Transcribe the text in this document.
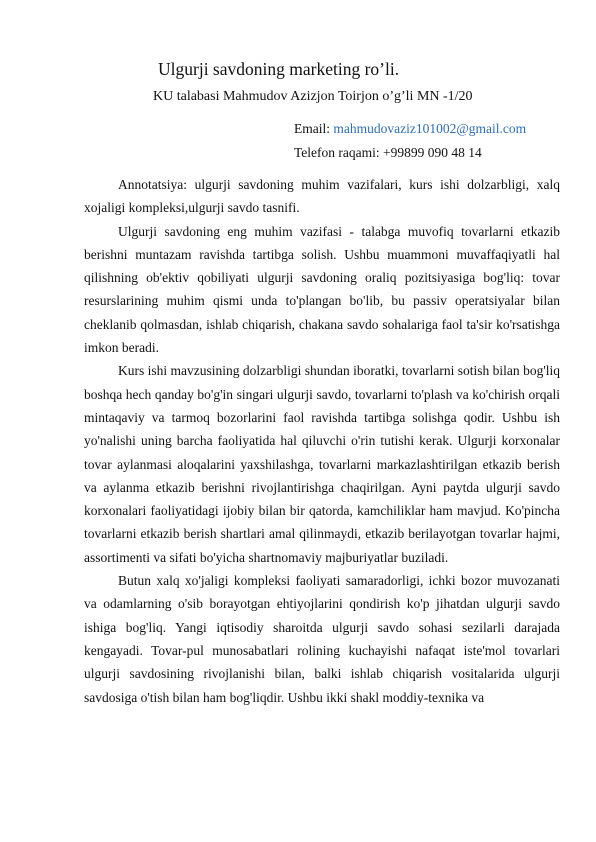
Ulgurji savdoning marketing ro’li.
KU talabasi Mahmudov Azizjon Toirjon o’g’li MN -1/20
Email: mahmudovaziz101002@gmail.com
Telefon raqami: +99899 090 48 14

Annotatsiya: ulgurji savdoning muhim vazifalari, kurs ishi dolzarbligi, xalq xojaligi kompleksi,ulgurji savdo tasnifi.

Ulgurji savdoning eng muhim vazifasi - talabga muvofiq tovarlarni etkazib berishni muntazam ravishda tartibga solish. Ushbu muammoni muvaffaqiyatli hal qilishning ob'ektiv qobiliyati ulgurji savdoning oraliq pozitsiyasiga bog'liq: tovar resurslarining muhim qismi unda to'plangan bo'lib, bu passiv operatsiyalar bilan cheklanib qolmasdan, ishlab chiqarish, chakana savdo sohalariga faol ta'sir ko'rsatishga imkon beradi.

Kurs ishi mavzusining dolzarbligi shundan iboratki, tovarlarni sotish bilan bog'liq boshqa hech qanday bo'g'in singari ulgurji savdo, tovarlarni to'plash va ko'chirish orqali mintaqaviy va tarmoq bozorlarini faol ravishda tartibga solishga qodir. Ushbu ish yo'nalishi uning barcha faoliyatida hal qiluvchi o'rin tutishi kerak. Ulgurji korxonalar tovar aylanmasi aloqalarini yaxshilashga, tovarlarni markazlashtirilgan etkazib berish va aylanma etkazib berishni rivojlantirishga chaqirilgan. Ayni paytda ulgurji savdo korxonalari faoliyatidagi ijobiy bilan bir qatorda, kamchiliklar ham mavjud. Ko'pincha tovarlarni etkazib berish shartlari amal qilinmaydi, etkazib berilayotgan tovarlar hajmi, assortimenti va sifati bo'yicha shartnomaviy majburiyatlar buziladi.

Butun xalq xo'jaligi kompleksi faoliyati samaradorligi, ichki bozor muvozanati va odamlarning o'sib borayotgan ehtiyojlarini qondirish ko'p jihatdan ulgurji savdo ishiga bog'liq. Yangi iqtisodiy sharoitda ulgurji savdo sohasi sezilarli darajada kengayadi. Tovar-pul munosabatlari rolining kuchayishi nafaqat iste'mol tovarlari ulgurji savdosining rivojlanishi bilan, balki ishlab chiqarish vositalarida ulgurji savdosiga o'tish bilan ham bog'liqdir. Ushbu ikki shakl moddiy-texnika va
